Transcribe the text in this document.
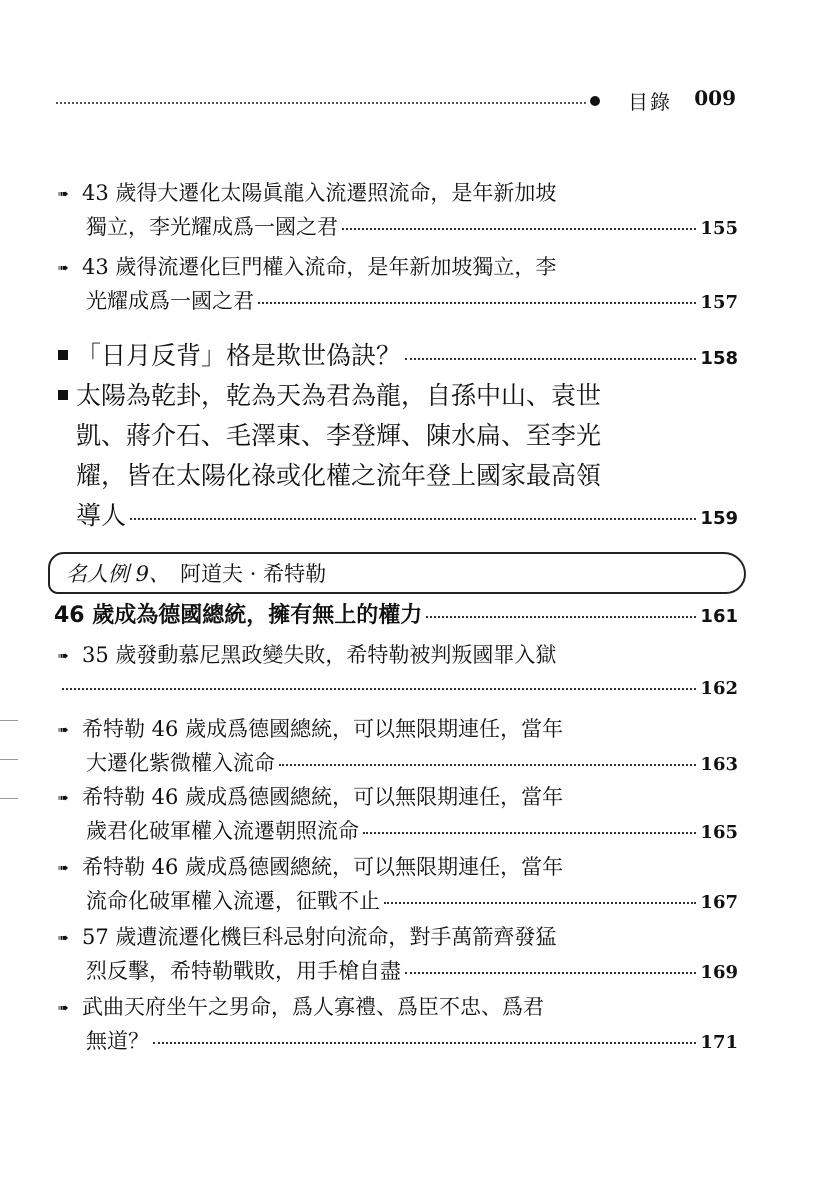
目錄 009
➠ 43 歲得大遷化太陽眞龍入流遷照流命，是年新加坡
獨立，李光耀成爲一國之君	155
➠ 43 歲得流遷化巨門權入流命，是年新加坡獨立，李
光耀成爲一國之君	157
「日月反背」格是欺世偽訣？	158
太陽為乾卦，乾為天為君為龍，自孫中山、袁世
凱、蔣介石、毛澤東、李登輝、陳水扁、至李光
耀，皆在太陽化祿或化權之流年登上國家最高領
導人	159
名人例 9、 阿道夫 · 希特勒
46 歲成為德國總統，擁有無上的權力	161
➠ 35 歲發動慕尼黑政變失敗，希特勒被判叛國罪入獄
162
➠ 希特勒 46 歲成爲德國總統，可以無限期連任，當年
大遷化紫微權入流命	163
➠ 希特勒 46 歲成爲德國總統，可以無限期連任，當年
歲君化破軍權入流遷朝照流命	165
➠ 希特勒 46 歲成爲德國總統，可以無限期連任，當年
流命化破軍權入流遷，征戰不止	167
➠ 57 歲遭流遷化機巨科忌射向流命，對手萬箭齊發猛
烈反擊，希特勒戰敗，用手槍自盡	169
➠ 武曲天府坐午之男命，爲人寡禮、爲臣不忠、爲君
無道？	171
